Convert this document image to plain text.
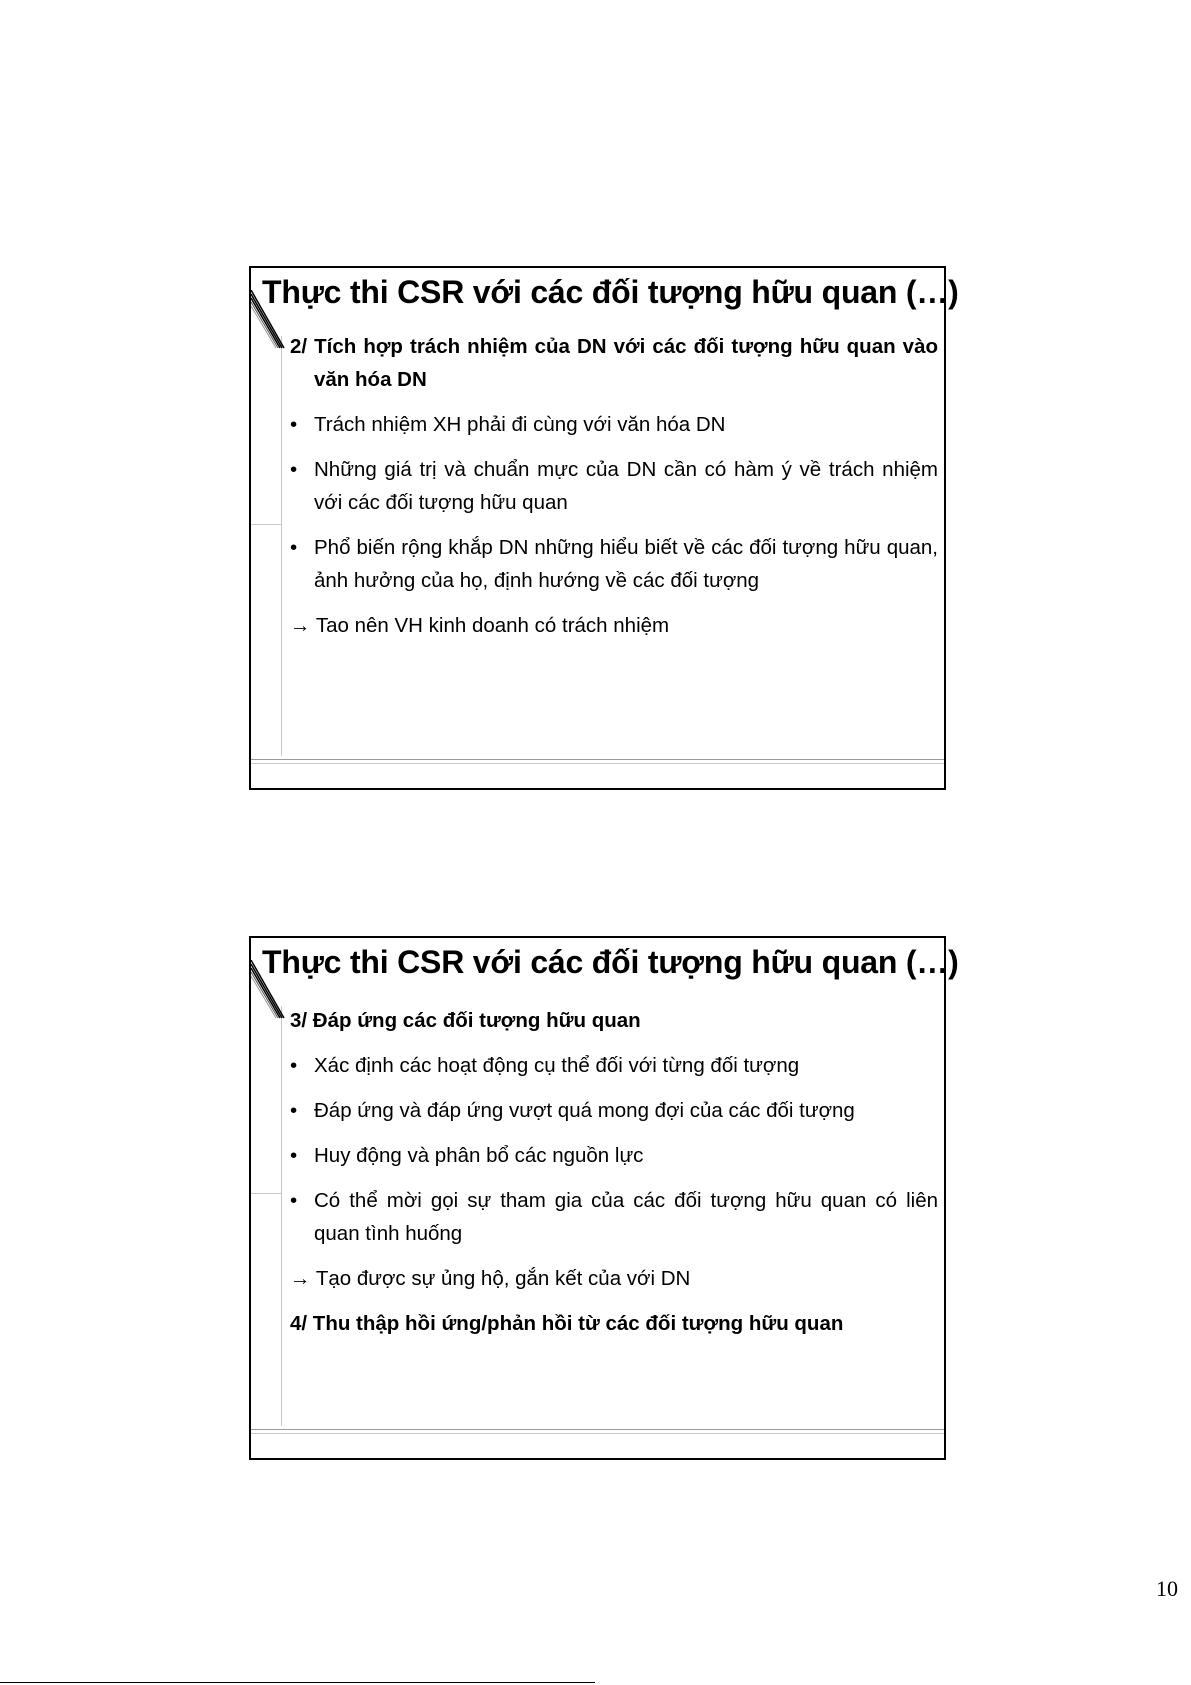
Thực thi CSR với các đối tượng hữu quan (…)
2/ Tích hợp trách nhiệm của DN với các đối tượng hữu quan vào văn hóa DN
• Trách nhiệm XH phải đi cùng với văn hóa DN
• Những giá trị và chuẩn mực của DN cần có hàm ý về trách nhiệm với các đối tượng hữu quan
• Phổ biến rộng khắp DN những hiểu biết về các đối tượng hữu quan, ảnh hưởng của họ, định hướng về các đối tượng
→ Tao nên VH kinh doanh có trách nhiệm
Thực thi CSR với các đối tượng hữu quan (…)
3/ Đáp ứng các đối tượng hữu quan
• Xác định các hoạt động cụ thể đối với từng đối tượng
• Đáp ứng và đáp ứng vượt quá mong đợi của các đối tượng
• Huy động và phân bổ các nguồn lực
• Có thể mời gọi sự tham gia của các đối tượng hữu quan có liên quan tình huống
→ Tạo được sự ủng hộ, gắn kết của với DN
4/ Thu thập hồi ứng/phản hồi từ các đối tượng hữu quan
10
